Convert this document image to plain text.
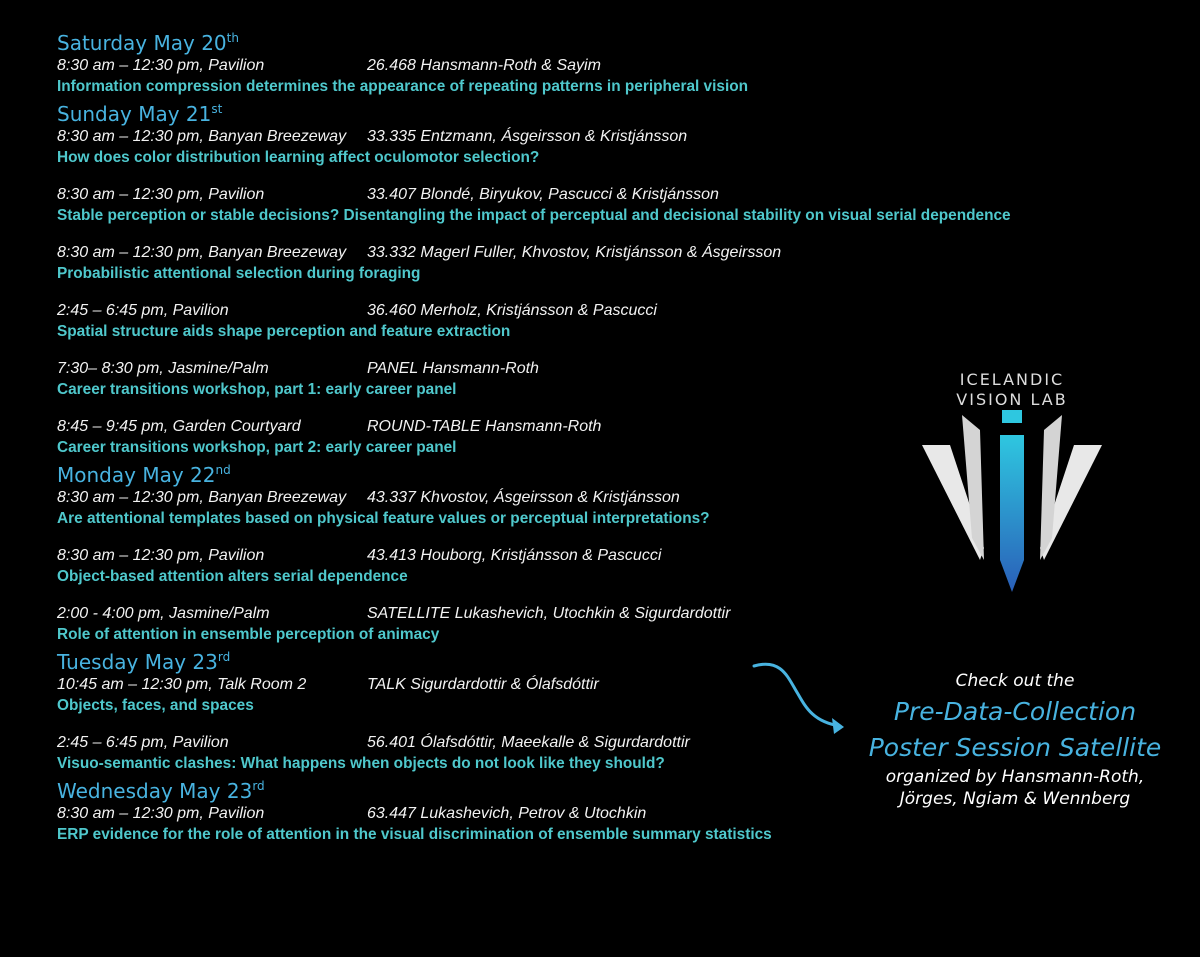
Saturday May 20th
8:30 am – 12:30 pm, Pavilion	26.468 Hansmann-Roth & Sayim
Information compression determines the appearance of repeating patterns in peripheral vision
Sunday May 21st
8:30 am – 12:30 pm, Banyan Breezeway 33.335 Entzmann, Ásgeirsson & Kristjánsson
How does color distribution learning affect oculomotor selection?
8:30 am – 12:30 pm, Pavilion	33.407 Blondé, Biryukov, Pascucci & Kristjánsson
Stable perception or stable decisions? Disentangling the impact of perceptual and decisional stability on visual serial dependence
8:30 am – 12:30 pm, Banyan Breezeway 33.332 Magerl Fuller, Khvostov, Kristjánsson & Ásgeirsson
Probabilistic attentional selection during foraging
2:45 – 6:45 pm, Pavilion	36.460 Merholz, Kristjánsson & Pascucci
Spatial structure aids shape perception and feature extraction
7:30– 8:30 pm, Jasmine/Palm	PANEL Hansmann-Roth
Career transitions workshop, part 1: early career panel
8:45 – 9:45 pm, Garden Courtyard	ROUND-TABLE Hansmann-Roth
Career transitions workshop, part 2: early career panel
Monday May 22nd
8:30 am – 12:30 pm, Banyan Breezeway 43.337 Khvostov, Ásgeirsson & Kristjánsson
Are attentional templates based on physical feature values or perceptual interpretations?
8:30 am – 12:30 pm, Pavilion	43.413 Houborg, Kristjánsson & Pascucci
Object-based attention alters serial dependence
2:00 - 4:00 pm, Jasmine/Palm	SATELLITE Lukashevich, Utochkin & Sigurdardottir
Role of attention in ensemble perception of animacy
Tuesday May 23rd
10:45 am – 12:30 pm, Talk Room 2	TALK Sigurdardottir & Ólafsdóttir
Objects, faces, and spaces
2:45 – 6:45 pm, Pavilion	56.401 Ólafsdóttir, Maeekalle & Sigurdardottir
Visuo-semantic clashes: What happens when objects do not look like they should?
Wednesday May 23rd
8:30 am – 12:30 pm, Pavilion	63.447 Lukashevich, Petrov & Utochkin
ERP evidence for the role of attention in the visual discrimination of ensemble summary statistics
ICELANDIC
VISION LAB
Check out the
Pre-Data-Collection
Poster Session Satellite
organized by Hansmann-Roth,
Jörges, Ngiam & Wennberg
